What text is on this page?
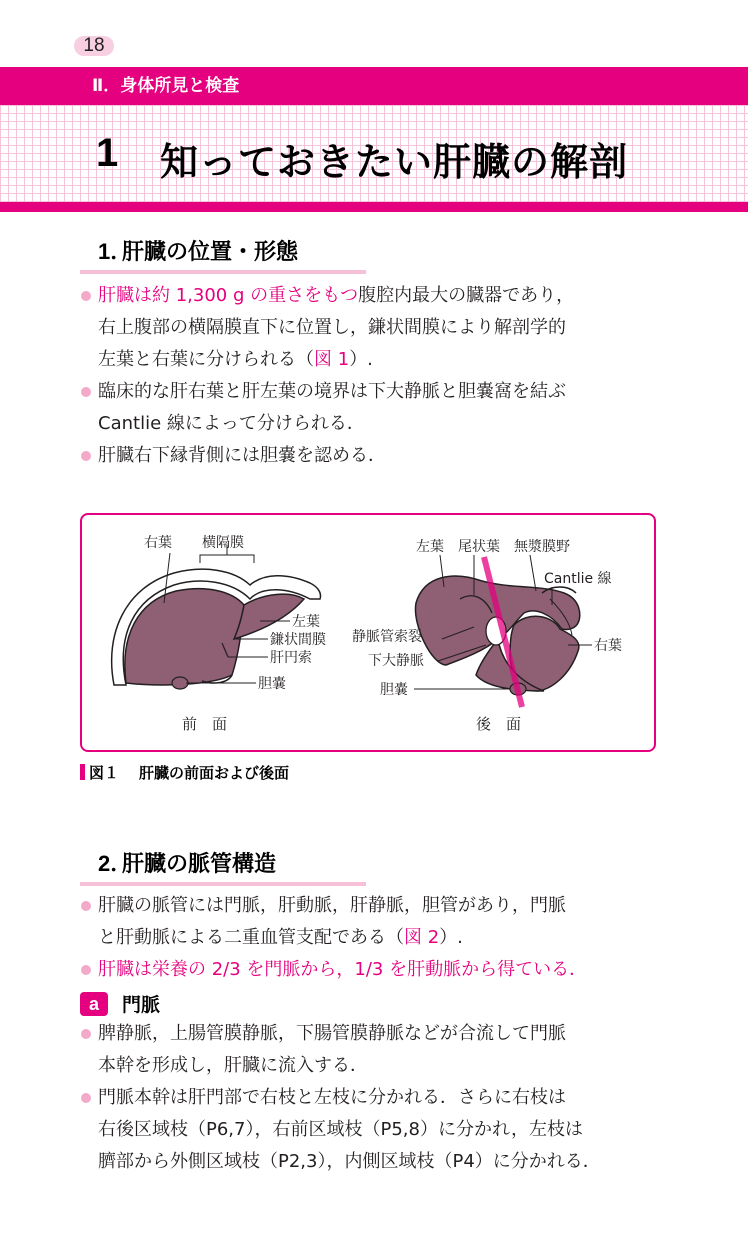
18
Ⅱ．身体所見と検査
1 知っておきたい肝臓の解剖
1．肝臓の位置・形態
肝臓は約 1,300 g の重さをもつ腹腔内最大の臓器であり，
右上腹部の横隔膜直下に位置し，鎌状間膜により解剖学的
左葉と右葉に分けられる（図 1）.
臨床的な肝右葉と肝左葉の境界は下大静脈と胆嚢窩を結ぶ
Cantlie 線によって分けられる．
肝臓右下縁背側には胆嚢を認める．
右葉 横隔膜
左葉
鎌状間膜
肝円索
胆嚢
前　面
左葉 尾状葉 無漿膜野
Cantlie 線
静脈管索裂
下大静脈
右葉
胆嚢
後　面
図１ 肝臓の前面および後面
2．肝臓の脈管構造
肝臓の脈管には門脈，肝動脈，肝静脈，胆管があり，門脈
と肝動脈による二重血管支配である（図 2）.
肝臓は栄養の 2/3 を門脈から，1/3 を肝動脈から得ている．
a 門脈
脾静脈，上腸管膜静脈，下腸管膜静脈などが合流して門脈
本幹を形成し，肝臓に流入する．
門脈本幹は肝門部で右枝と左枝に分かれる．さらに右枝は
右後区域枝（P6,7），右前区域枝（P5,8）に分かれ，左枝は
臍部から外側区域枝（P2,3），内側区域枝（P4）に分かれる．
